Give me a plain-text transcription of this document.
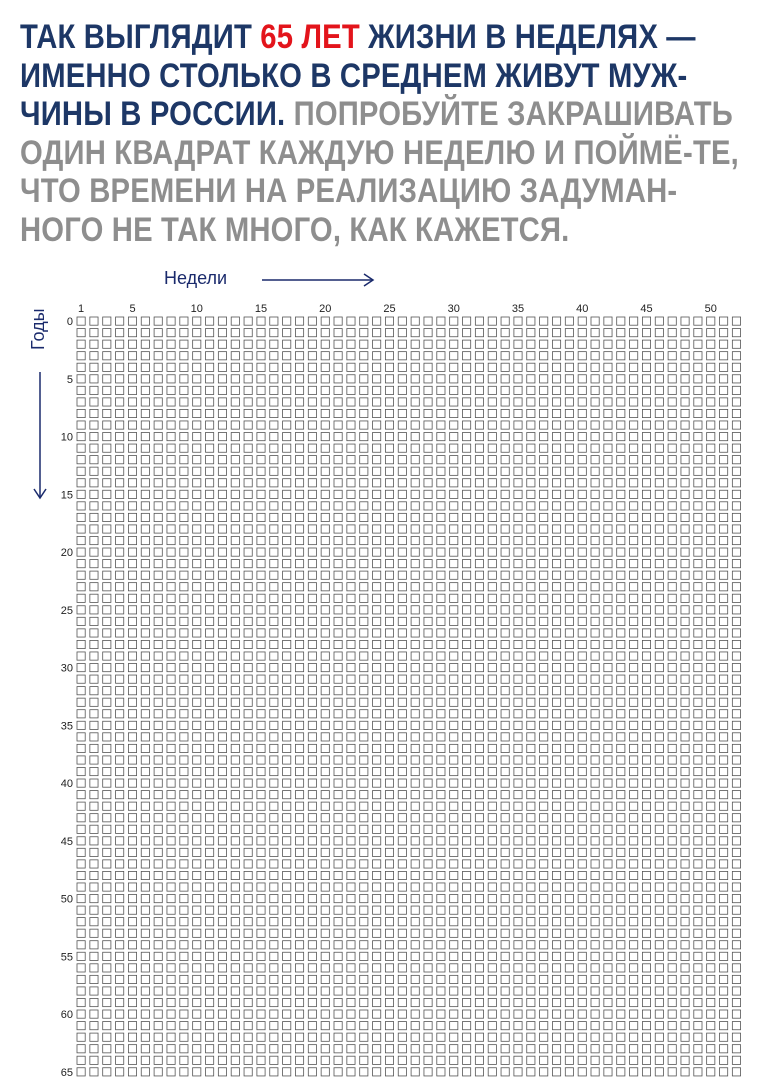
ТАК ВЫГЛЯДИТ 65 ЛЕТ ЖИЗНИ В НЕДЕЛЯХ — ИМЕННО СТОЛЬКО В СРЕДНЕМ ЖИВУТ МУЖ-ЧИНЫ В РОССИИ. ПОПРОБУЙТЕ ЗАКРАШИВАТЬ ОДИН КВАДРАТ КАЖДУЮ НЕДЕЛЮ И ПОЙМЁ-ТЕ, ЧТО ВРЕМЕНИ НА РЕАЛИЗАЦИЮ ЗАДУМАН-НОГО НЕ ТАК МНОГО, КАК КАЖЕТСЯ.
Недели
Годы	1	5	10	15	20	25	30	35	40	45	50
0
5
10
15
20
25
30
35
40
45
50
55
60
65
